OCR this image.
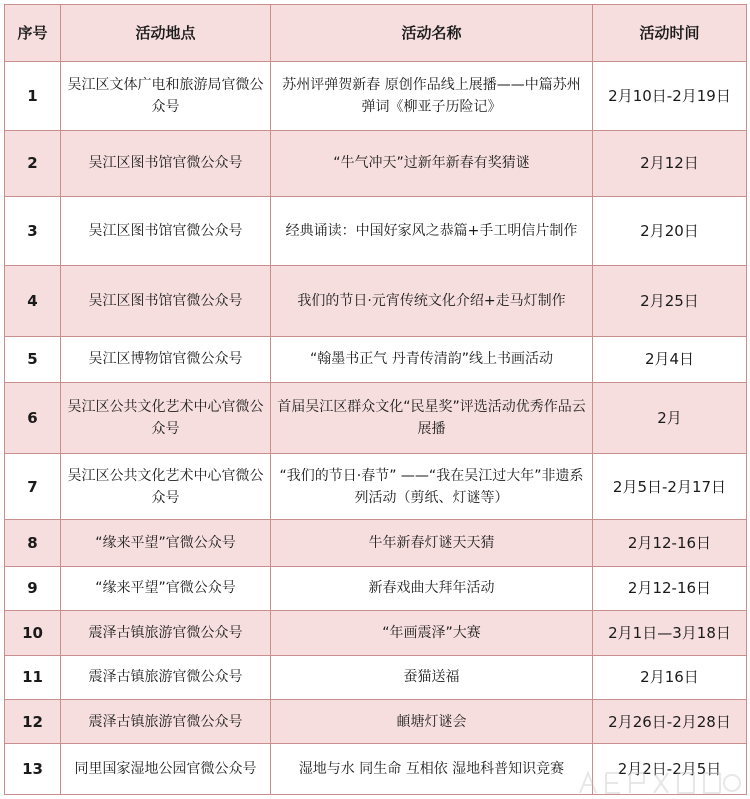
序号	活动地点	活动名称	活动时间
1	吴江区文体广电和旅游局官微公众号	苏州评弹贺新春 原创作品线上展播——中篇苏州弹词《柳亚子历险记》	2月10日-2月19日
2	吴江区图书馆官微公众号	“牛气冲天”过新年新春有奖猜谜	2月12日
3	吴江区图书馆官微公众号	经典诵读：中国好家风之恭篇+手工明信片制作	2月20日
4	吴江区图书馆官微公众号	我们的节日·元宵传统文化介绍+走马灯制作	2月25日
5	吴江区博物馆官微公众号	“翰墨书正气 丹青传清韵”线上书画活动	2月4日
6	吴江区公共文化艺术中心官微公众号	首届吴江区群众文化“民星奖”评选活动优秀作品云展播	2月
7	吴江区公共文化艺术中心官微公众号	“我们的节日·春节” ——“我在吴江过大年”非遗系列活动（剪纸、灯谜等）	2月5日-2月17日
8	“缘来平望”官微公众号	牛年新春灯谜天天猜	2月12-16日
9	“缘来平望”官微公众号	新春戏曲大拜年活动	2月12-16日
10	震泽古镇旅游官微公众号	“年画震泽”大赛	2月1日—3月18日
11	震泽古镇旅游官微公众号	蚕猫送福	2月16日
12	震泽古镇旅游官微公众号	頔塘灯谜会	2月26日-2月28日
13	同里国家湿地公园官微公众号	湿地与水 同生命 互相依 湿地科普知识竞赛	2月2日-2月5日
